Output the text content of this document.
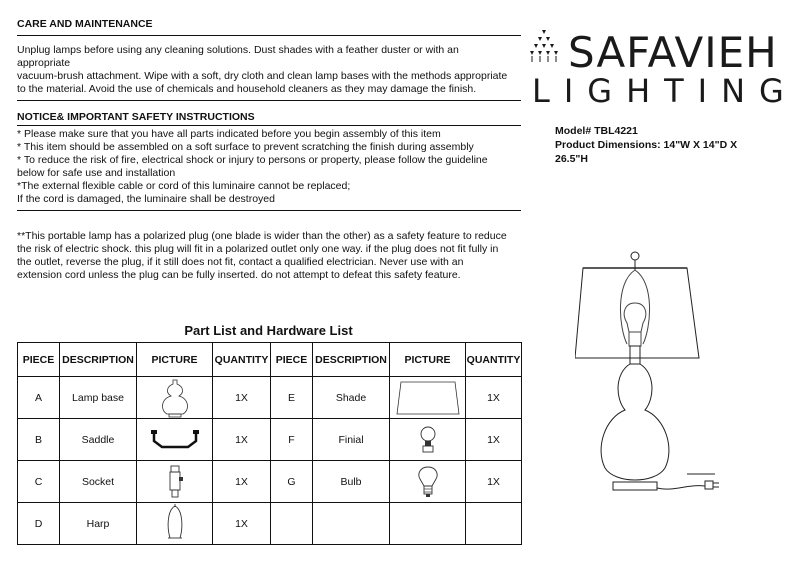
CARE AND MAINTENANCE
Unplug lamps before using any cleaning solutions. Dust shades with a feather duster or with an
appropriate
vacuum-brush attachment. Wipe with a soft, dry cloth and clean lamp bases with the methods appropriate
to the material. Avoid the use of chemicals and household cleaners as they may damage the finish.
NOTICE& IMPORTANT SAFETY INSTRUCTIONS
* Please make sure that you have all parts indicated before you begin assembly of this item
* This item should be assembled on a soft surface to prevent scratching the finish during assembly
* To reduce the risk of fire, electrical shock or injury to persons or property, please follow the guideline
below for safe use and installation
*The external flexible cable or cord of this luminaire cannot be replaced;
If the cord is damaged, the luminaire shall be destroyed
**This portable lamp has a polarized plug (one blade is wider than the other) as a safety feature to reduce
the risk of electric shock. this plug will fit in a polarized outlet only one way. if the plug does not fit fully in
the outlet, reverse the plug, if it still does not fit, contact a qualified electrician. Never use with an
extension cord unless the plug can be fully inserted. do not attempt to defeat this safety feature.
SAFAVIEH
LIGHTING
Model# TBL4221
Product Dimensions: 14"W X 14"D X
26.5"H
Part List and Hardware List
PIECE	DESCRIPTION	PICTURE	QUANTITY	PIECE	DESCRIPTION	PICTURE	QUANTITY
A	Lamp base		1X	E	Shade		1X
B	Saddle		1X	F	Finial		1X
C	Socket		1X	G	Bulb		1X
D	Harp		1X				
